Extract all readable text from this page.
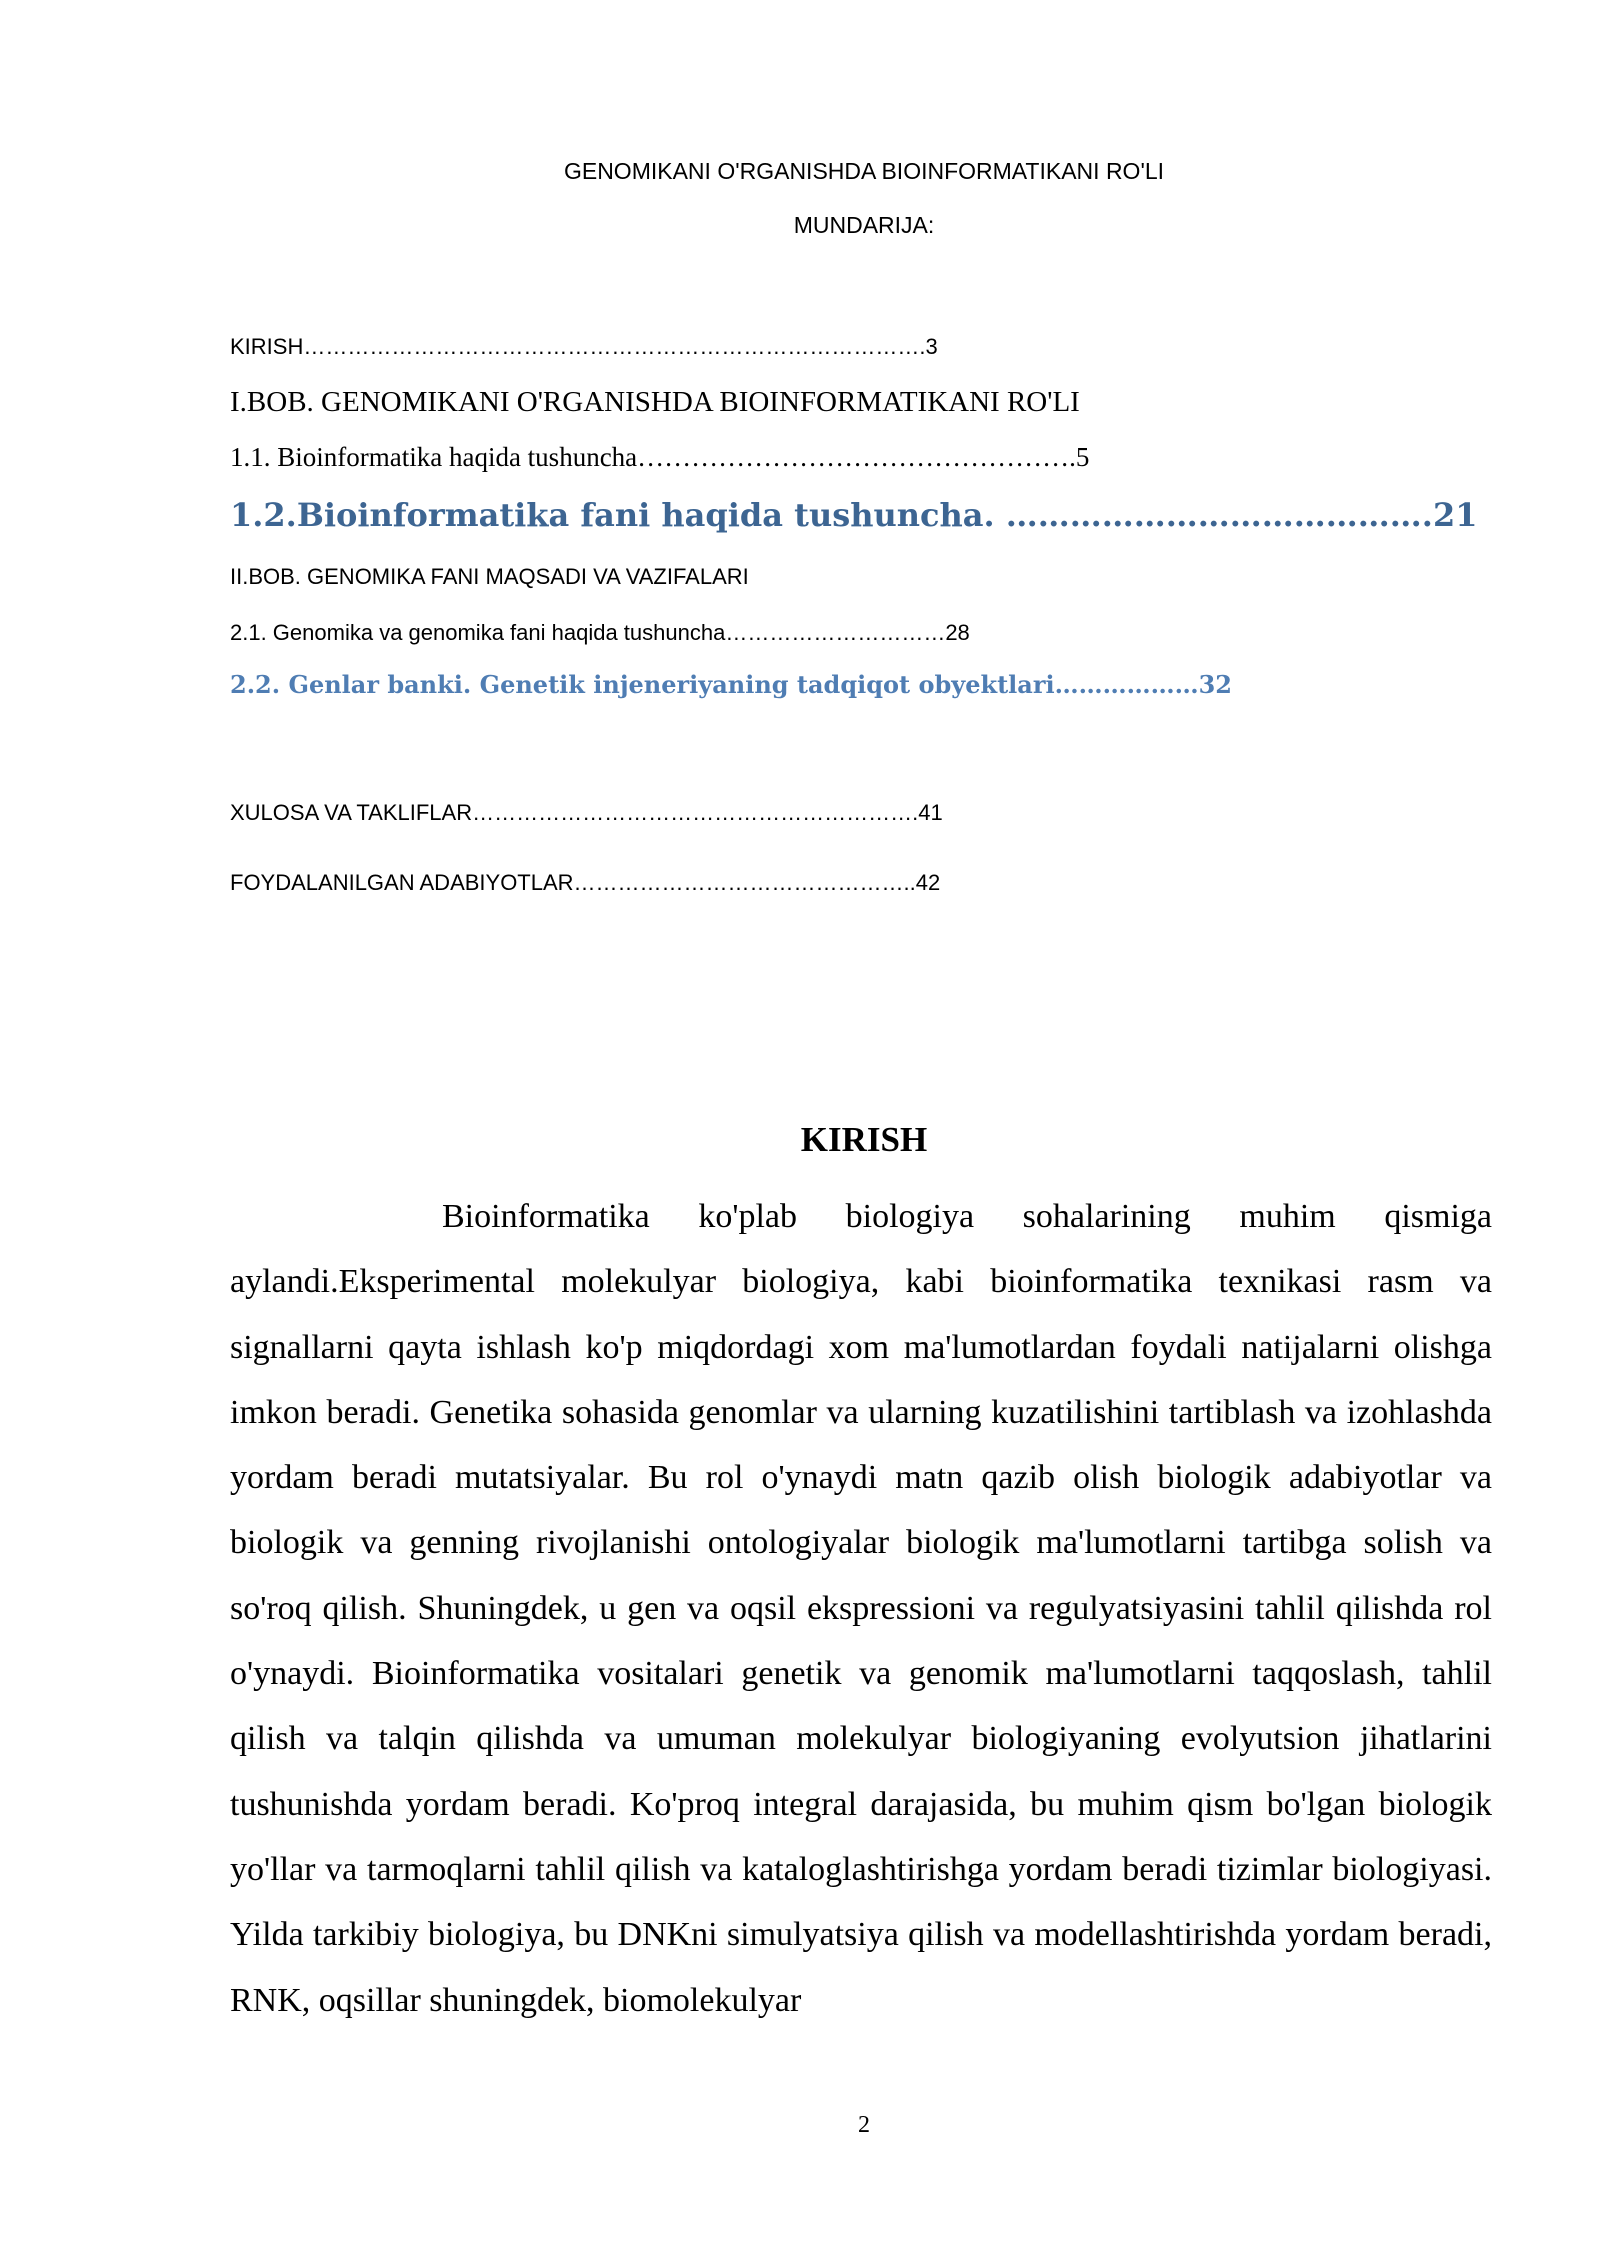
GENOMIKANI O'RGANISHDA BIOINFORMATIKANI RO'LI
MUNDARIJA:
KIRISH………………………………………………………………………….3
I.BOB. GENOMIKANI O'RGANISHDA BIOINFORMATIKANI RO'LI
1.1. Bioinformatika haqida tushuncha………………………………………….5
1.2.Bioinformatika fani haqida tushuncha. ………………………………….21
II.BOB. GENOMIKA FANI MAQSADI VA VAZIFALARI
2.1. Genomika va genomika fani haqida tushuncha…………………………28
2.2. Genlar banki. Genetik injeneriyaning tadqiqot obyektlari………………32
XULOSA VA TAKLIFLAR…………………………………………………….41
FOYDALANILGAN ADABIYOTLAR………………………………………..42
KIRISH
Bioinformatika ko'plab biologiya sohalarining muhim qismiga aylandi.Eksperimental molekulyar biologiya, kabi bioinformatika texnikasi rasm va signallarni qayta ishlash ko'p miqdordagi xom ma'lumotlardan foydali natijalarni olishga imkon beradi. Genetika sohasida genomlar va ularning kuzatilishini tartiblash va izohlashda yordam beradi mutatsiyalar. Bu rol o'ynaydi matn qazib olish biologik adabiyotlar va biologik va genning rivojlanishi ontologiyalar biologik ma'lumotlarni tartibga solish va so'roq qilish. Shuningdek, u gen va oqsil ekspressioni va regulyatsiyasini tahlil qilishda rol o'ynaydi. Bioinformatika vositalari genetik va genomik ma'lumotlarni taqqoslash, tahlil qilish va talqin qilishda va umuman molekulyar biologiyaning evolyutsion jihatlarini tushunishda yordam beradi. Ko'proq integral darajasida, bu muhim qism bo'lgan biologik yo'llar va tarmoqlarni tahlil qilish va kataloglashtirishga yordam beradi tizimlar biologiyasi. Yilda tarkibiy biologiya, bu DNKni simulyatsiya qilish va modellashtirishda yordam beradi, RNK, oqsillar shuningdek, biomolekulyar
2
